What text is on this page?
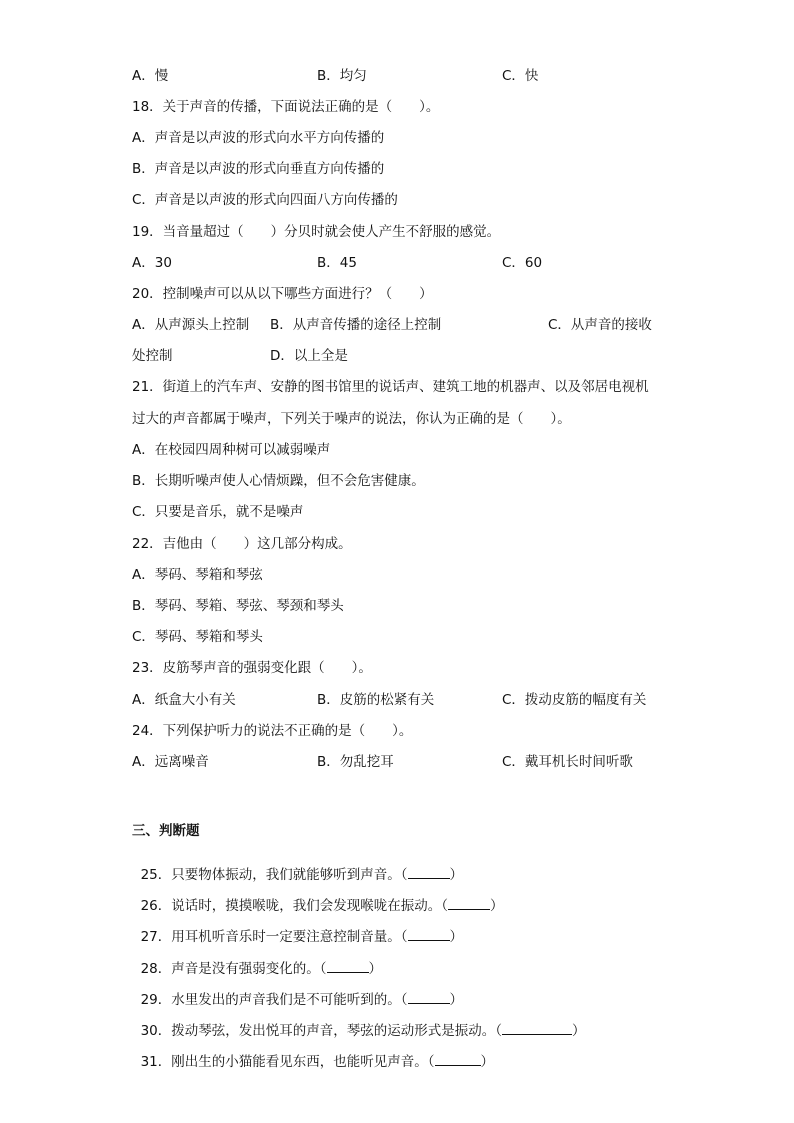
A．慢	B．均匀	C．快
18．关于声音的传播，下面说法正确的是（　　）。
A．声音是以声波的形式向水平方向传播的
B．声音是以声波的形式向垂直方向传播的
C．声音是以声波的形式向四面八方向传播的
19．当音量超过（　　）分贝时就会使人产生不舒服的感觉。
A．30	B．45	C．60
20．控制噪声可以从以下哪些方面进行？（　　）
A．从声源头上控制 B．从声音传播的途径上控制	C．从声音的接收
处控制	D．以上全是
21．街道上的汽车声、安静的图书馆里的说话声、建筑工地的机器声、以及邻居电视机
过大的声音都属于噪声，下列关于噪声的说法，你认为正确的是（　　）。
A．在校园四周种树可以减弱噪声
B．长期听噪声使人心情烦躁，但不会危害健康。
C．只要是音乐，就不是噪声
22．吉他由（　　）这几部分构成。
A．琴码、琴箱和琴弦
B．琴码、琴箱、琴弦、琴颈和琴头
C．琴码、琴箱和琴头
23．皮筋琴声音的强弱变化跟（　　）。
A．纸盒大小有关	B．皮筋的松紧有关	C．拨动皮筋的幅度有关
24．下列保护听力的说法不正确的是（　　）。
A．远离噪音	B．勿乱挖耳	C．戴耳机长时间听歌
三、判断题

25．只要物体振动，我们就能够听到声音。（	）

26．说话时，摸摸喉咙，我们会发现喉咙在振动。（	）

27．用耳机听音乐时一定要注意控制音量。（	）

28．声音是没有强弱变化的。（	）

29．水里发出的声音我们是不可能听到的。（	）

30．拨动琴弦，发出悦耳的声音，琴弦的运动形式是振动。（	）

31．刚出生的小猫能看见东西，也能听见声音。（	）
